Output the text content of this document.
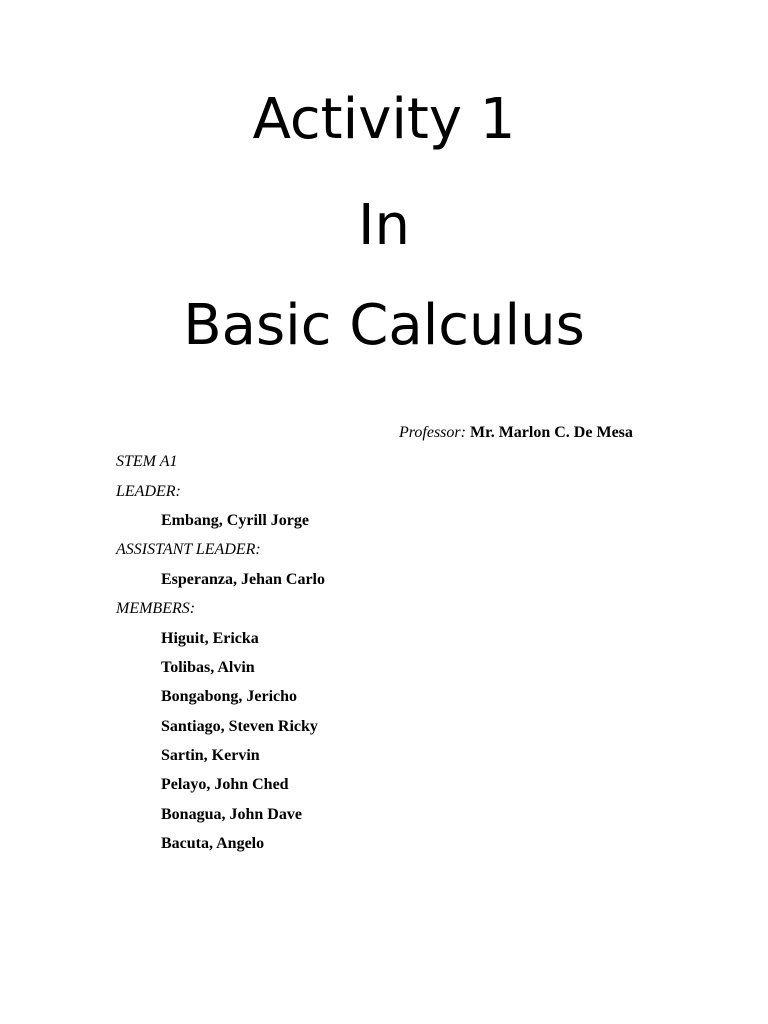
Activity 1
In
Basic Calculus
Professor: Mr. Marlon C. De Mesa
STEM A1
LEADER:
Embang, Cyrill Jorge
ASSISTANT LEADER:
Esperanza, Jehan Carlo
MEMBERS:
Higuit, Ericka
Tolibas, Alvin
Bongabong, Jericho
Santiago, Steven Ricky
Sartin, Kervin
Pelayo, John Ched
Bonagua, John Dave
Bacuta, Angelo
